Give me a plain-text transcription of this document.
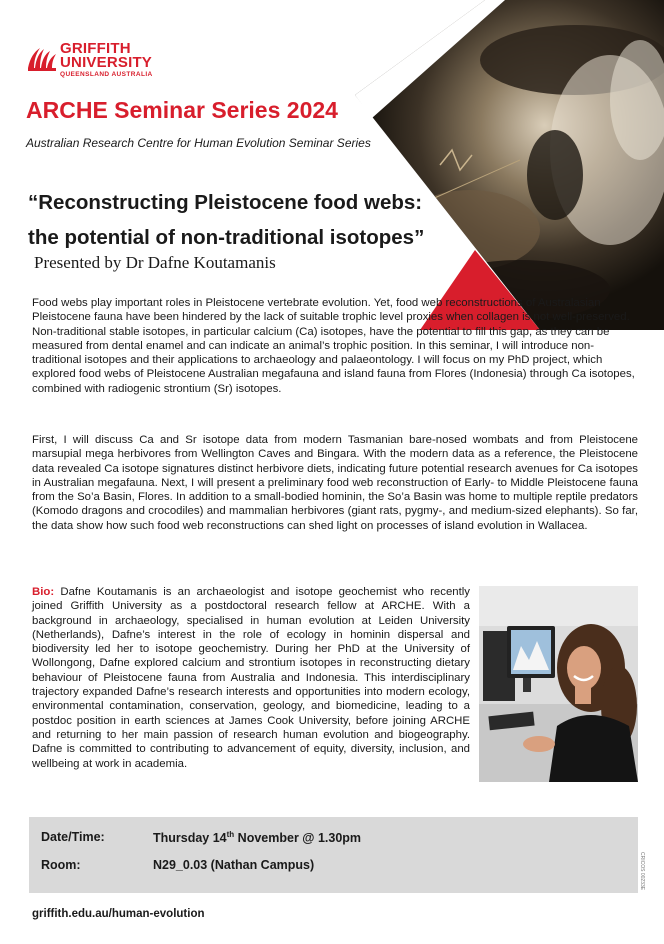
GRIFFITH
UNIVERSITY
QUEENSLAND AUSTRALIA
ARCHE Seminar Series 2024
Australian Research Centre for Human Evolution Seminar Series
“Reconstructing Pleistocene food webs:
the potential of non-traditional isotopes”
Presented by Dr Dafne Koutamanis
Food webs play important roles in Pleistocene vertebrate evolution. Yet, food web reconstructions of Australasian Pleistocene fauna have been hindered by the lack of suitable trophic level proxies when collagen is not well-preserved. Non-traditional stable isotopes, in particular calcium (Ca) isotopes, have the potential to fill this gap, as they can be measured from dental enamel and can indicate an animal’s trophic position. In this seminar, I will introduce non-traditional isotopes and their applications to archaeology and palaeontology. I will focus on my PhD project, which explored food webs of Pleistocene Australian megafauna and island fauna from Flores (Indonesia) through Ca isotopes, combined with radiogenic strontium (Sr) isotopes.
First, I will discuss Ca and Sr isotope data from modern Tasmanian bare-nosed wombats and from Pleistocene marsupial mega herbivores from Wellington Caves and Bingara. With the modern data as a reference, the Pleistocene data revealed Ca isotope signatures distinct herbivore diets, indicating future potential research avenues for Ca isotopes in Australian megafauna. Next, I will present a preliminary food web reconstruction of Early- to Middle Pleistocene fauna from the So’a Basin, Flores. In addition to a small-bodied hominin, the So’a Basin was home to multiple reptile predators (Komodo dragons and crocodiles) and mammalian herbivores (giant rats, pygmy-, and medium-sized elephants). So far, the data show how such food web reconstructions can shed light on processes of island evolution in Wallacea.
Bio: Dafne Koutamanis is an archaeologist and isotope geochemist who recently joined Griffith University as a postdoctoral research fellow at ARCHE. With a background in archaeology, specialised in human evolution at Leiden University (Netherlands), Dafne’s interest in the role of ecology in hominin dispersal and biodiversity led her to isotope geochemistry. During her PhD at the University of Wollongong, Dafne explored calcium and strontium isotopes in reconstructing dietary behaviour of Pleistocene fauna from Australia and Indonesia. This interdisciplinary trajectory expanded Dafne’s research interests and opportunities into modern ecology, environmental contamination, conservation, geology, and biomedicine, leading to a postdoc position in earth sciences at James Cook University, before joining ARCHE and returning to her main passion of research human evolution and biogeography. Dafne is committed to contributing to advancement of equity, diversity, inclusion, and wellbeing at work in academia.
Date/Time:	Thursday 14th November @ 1.30pm
Room:	N29_0.03 (Nathan Campus)	CRICOS 00233E
griffith.edu.au/human-evolution
